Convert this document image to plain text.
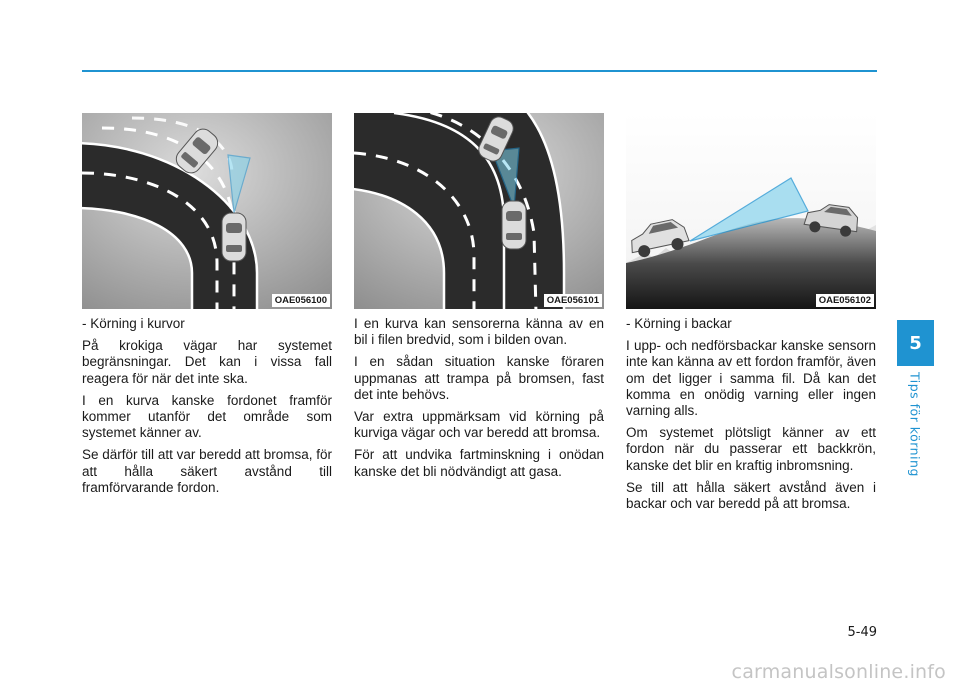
OAE056100

- Körning i kurvor

På krokiga vägar har systemet begränsningar. Det kan i vissa fall reagera för när det inte ska.

I en kurva kanske fordonet framför kommer utanför det område som systemet känner av.

Se därför till att var beredd att bromsa, för att hålla säkert avstånd till framförvarande fordon.

OAE056101

I en kurva kan sensorerna känna av en bil i filen bredvid, som i bilden ovan.

I en sådan situation kanske föraren uppmanas att trampa på bromsen, fast det inte behövs.

Var extra uppmärksam vid körning på kurviga vägar och var beredd att bromsa.

För att undvika fartminskning i onödan kanske det bli nödvändigt att gasa.

OAE056102

- Körning i backar

I upp- och nedförsbackar kanske sensorn inte kan känna av ett fordon framför, även om det ligger i samma fil. Då kan det komma en onödig varning eller ingen varning alls.

Om systemet plötsligt känner av ett fordon när du passerar ett backkrön, kanske det blir en kraftig inbromsning.

Se till att hålla säkert avstånd även i backar och var beredd på att bromsa.

5
Tips för körning
5-49
carmanualsonline.info
